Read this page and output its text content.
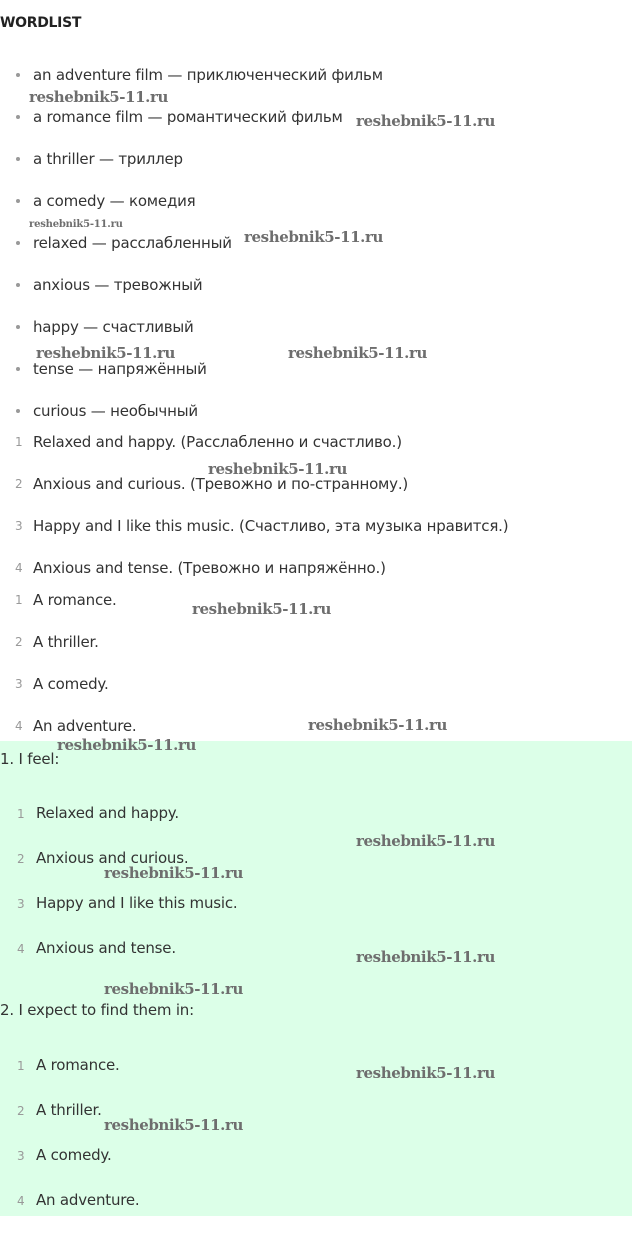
WORDLIST
an adventure film — приключенческий фильм
a romance film — романтический фильм
a thriller — триллер
a comedy — комедия
relaxed — расслабленный
anxious — тревожный
happy — счастливый
tense — напряжённый
curious — необычный
1 Relaxed and happy. (Расслабленно и счастливо.)
2 Anxious and curious. (Тревожно и по-странному.)
3 Happy and I like this music. (Счастливо, эта музыка нравится.)
4 Anxious and tense. (Тревожно и напряжённо.)
1 A romance.
2 A thriller.
3 A comedy.
4 An adventure.
1. I feel:
1 Relaxed and happy.
2 Anxious and curious.
3 Happy and I like this music.
4 Anxious and tense.
2. I expect to find them in:
1 A romance.
2 A thriller.
3 A comedy.
4 An adventure.
reshebnik5-11.ru
reshebnik5-11.ru
reshebnik5-11.ru
reshebnik5-11.ru
reshebnik5-11.ru	reshebnik5-11.ru
reshebnik5-11.ru
reshebnik5-11.ru
reshebnik5-11.ru
reshebnik5-11.ru
reshebnik5-11.ru
reshebnik5-11.ru
reshebnik5-11.ru
reshebnik5-11.ru
reshebnik5-11.ru
reshebnik5-11.ru
